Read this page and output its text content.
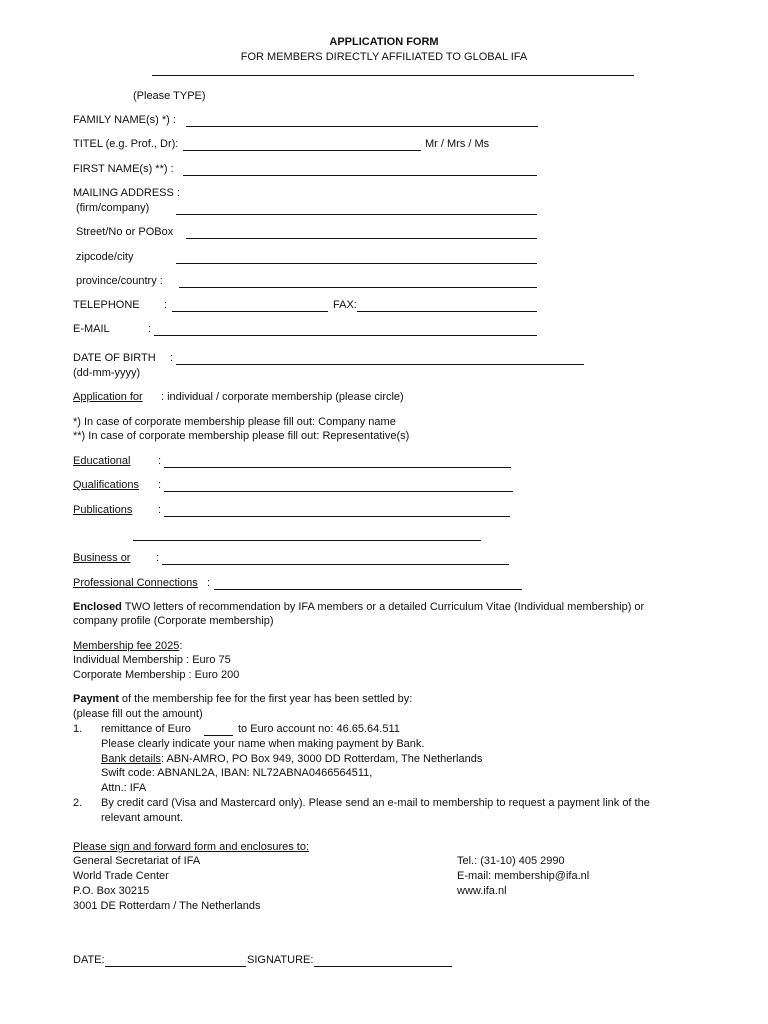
APPLICATION FORM
FOR MEMBERS DIRECTLY AFFILIATED TO GLOBAL IFA
(Please TYPE)
FAMILY NAME(s) *) :
TITEL (e.g. Prof., Dr):	Mr / Mrs / Ms
FIRST NAME(s) **) :
MAILING ADDRESS :
(firm/company)
Street/No or POBox
zipcode/city
province/country :
TELEPHONE :	FAX:
E-MAIL	:
DATE OF BIRTH :
(dd-mm-yyyy)
Application for : individual / corporate membership (please circle)
*) In case of corporate membership please fill out: Company name
**) In case of corporate membership please fill out: Representative(s)
Educational	:
Qualifications :
Publications :
Business or :
Professional Connections :
Enclosed TWO letters of recommendation by IFA members or a detailed Curriculum Vitae (Individual membership) or
company profile (Corporate membership)
Membership fee 2025:
Individual Membership : Euro 75
Corporate Membership : Euro 200
Payment of the membership fee for the first year has been settled by:
(please fill out the amount)
1. remittance of Euro	to Euro account no: 46.65.64.511
Please clearly indicate your name when making payment by Bank.
Bank details: ABN-AMRO, PO Box 949, 3000 DD Rotterdam, The Netherlands
Swift code: ABNANL2A, IBAN: NL72ABNA0466564511,
Attn.: IFA
2. By credit card (Visa and Mastercard only). Please send an e-mail to membership to request a payment link of the
relevant amount.
Please sign and forward form and enclosures to:
General Secretariat of IFA
World Trade Center
P.O. Box 30215
3001 DE Rotterdam / The Netherlands
Tel.: (31-10) 405 2990
E-mail: membership@ifa.nl
www.ifa.nl
DATE:	SIGNATURE:
